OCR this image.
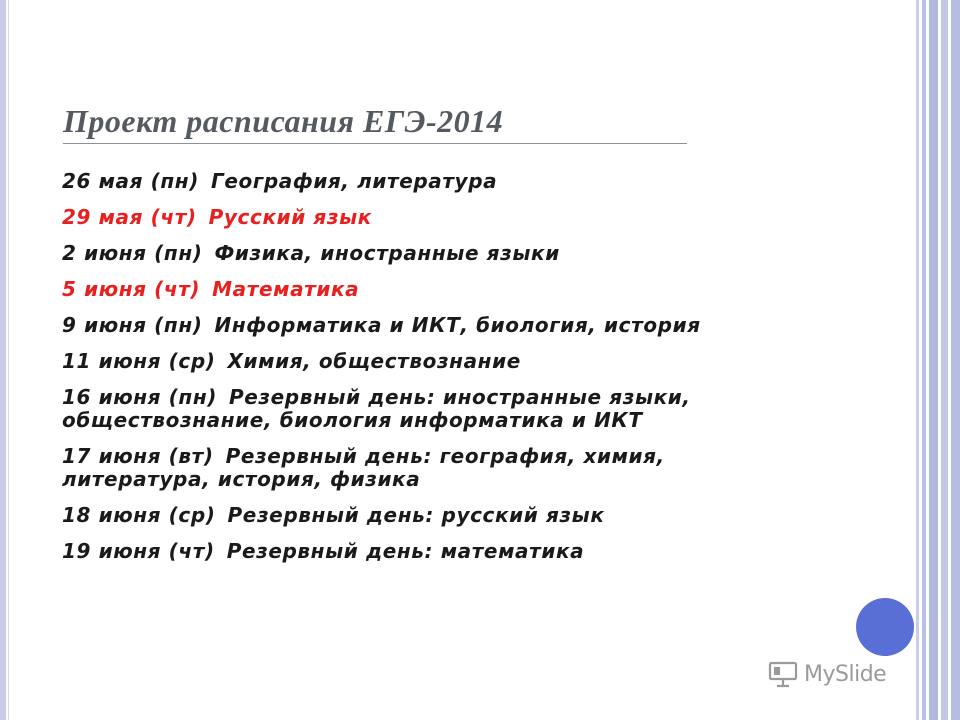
Проект расписания ЕГЭ-2014
26 мая (пн) География, литература
29 мая (чт) Русский язык
2 июня (пн) Физика, иностранные языки
5 июня (чт) Математика
9 июня (пн) Информатика и ИКТ, биология, история
11 июня (ср) Химия, обществознание
16 июня (пн) Резервный день: иностранные языки, обществознание, биология информатика и ИКТ
17 июня (вт) Резервный день: география, химия, литература, история, физика
18 июня (ср) Резервный день: русский язык
19 июня (чт) Резервный день: математика
MySlide
